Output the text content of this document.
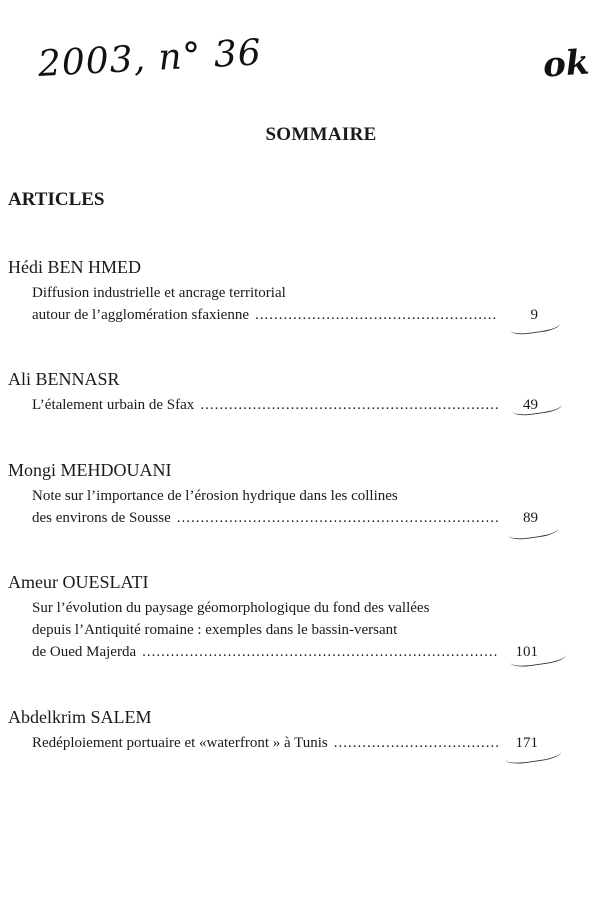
2003, n° 36	ok
SOMMAIRE
ARTICLES
Hédi BEN HMED
Diffusion industrielle et ancrage territorial
autour de l’agglomération sfaxienne .....	9
Ali BENNASR
L’étalement urbain de Sfax .....	49
Mongi MEHDOUANI
Note sur l’importance de l’érosion hydrique dans les collines
des environs de Sousse .....	89
Ameur OUESLATI
Sur l’évolution du paysage géomorphologique du fond des vallées
depuis l’Antiquité romaine : exemples dans le bassin-versant
de Oued Majerda .....	101
Abdelkrim SALEM
Redéploiement portuaire et «waterfront » à Tunis .....	171
